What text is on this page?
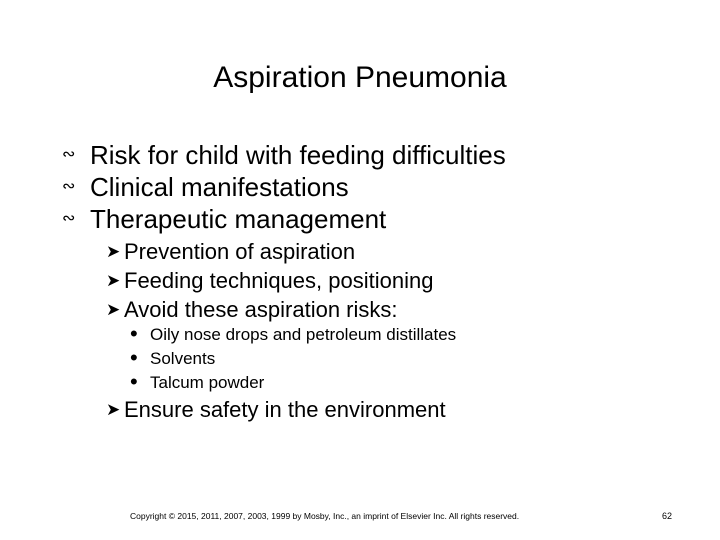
Aspiration Pneumonia
∾ Risk for child with feeding difficulties
∾ Clinical manifestations
∾ Therapeutic management
➤ Prevention of aspiration
➤ Feeding techniques, positioning
➤ Avoid these aspiration risks:
• Oily nose drops and petroleum distillates
• Solvents
• Talcum powder
➤ Ensure safety in the environment
Copyright © 2015, 2011, 2007, 2003, 1999 by Mosby, Inc., an imprint of Elsevier Inc. All rights reserved.	62
